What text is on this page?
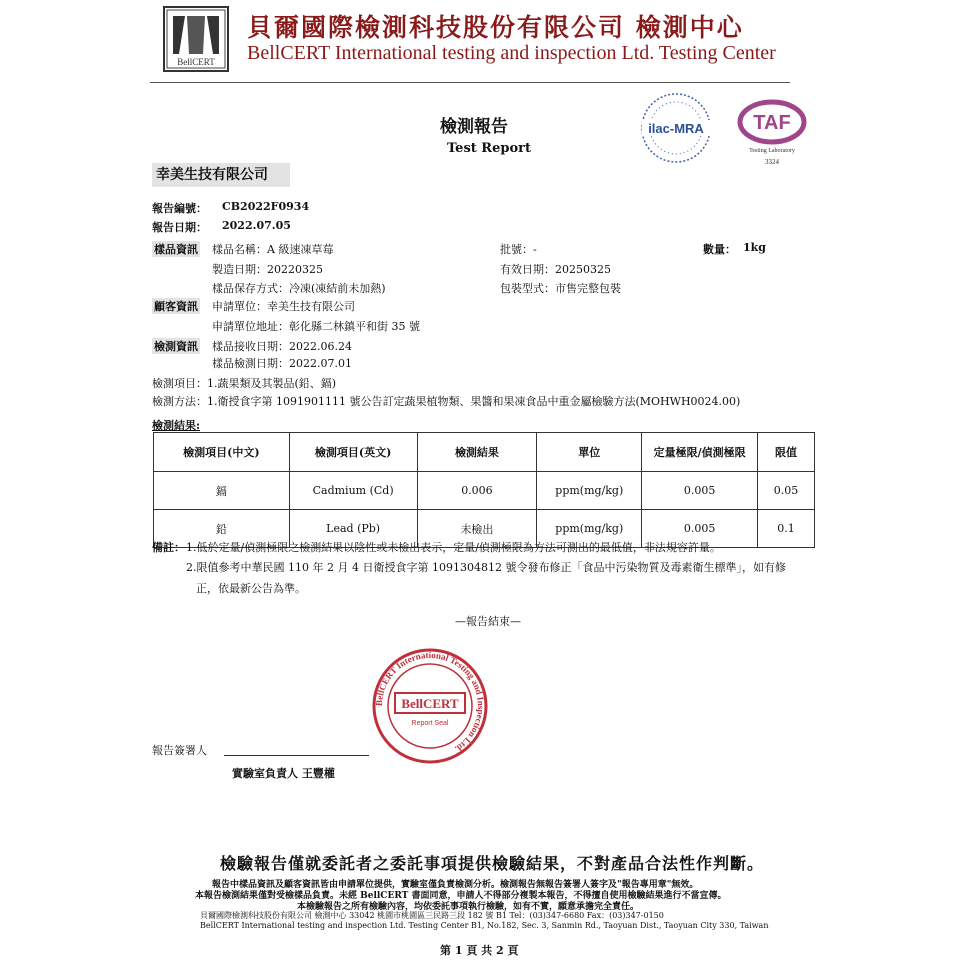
BellCERT
貝爾國際檢測科技股份有限公司 檢測中心
BellCERT International testing and inspection Ltd. Testing Center
檢測報告
Test Report
ilac-MRA TAF
Testing Laboratory
3324
幸美生技有限公司
報告編號： CB2022F0934
報告日期： 2022.07.05
樣品資訊 樣品名稱：A 級速凍草莓	批號：-	數量： 1kg
製造日期：20220325	有效日期：20250325
樣品保存方式：冷凍(凍結前未加熱)	包裝型式：市售完整包裝
顧客資訊 申請單位：幸美生技有限公司
申請單位地址：彰化縣二林鎮平和街 35 號
檢測資訊 樣品接收日期：2022.06.24
樣品檢測日期：2022.07.01
檢測項目：1.蔬果類及其製品(鉛、鎘)
檢測方法：1.衛授食字第 1091901111 號公告訂定蔬果植物類、果醬和果凍食品中重金屬檢驗方法(MOHWH0024.00)
檢測結果:
檢測項目(中文)	檢測項目(英文)	檢測結果	單位	定量極限/偵測極限	限值
鎘	Cadmium (Cd)	0.006	ppm(mg/kg)	0.005	0.05
鉛	Lead (Pb)	未檢出	ppm(mg/kg)	0.005	0.1
備註： 1.低於定量/偵測極限之檢測結果以陰性或未檢出表示，定量/偵測極限為方法可測出的最低值，非法規容許量。
2.限值參考中華民國 110 年 2 月 4 日衛授食字第 1091304812 號令發布修正「食品中污染物質及毒素衛生標準」，如有修
正，依最新公告為準。
—報告結束—
BellCERT International Testing and Inspection Ltd.
BellCERT
Report Seal
報告簽署人
實驗室負責人 王豐權
檢驗報告僅就委託者之委託事項提供檢驗結果，不對產品合法性作判斷。
報告中樣品資訊及顧客資訊皆由申請單位提供，實驗室僅負責檢測分析。檢測報告無報告簽署人簽字及"報告專用章"無效。
本報告檢測結果僅對受檢樣品負責。未經 BellCERT 書面同意，申請人不得部分複製本報告，不得擅自使用檢驗結果進行不當宣傳。
本檢驗報告之所有檢驗內容，均依委託事項執行檢驗，如有不實，願意承擔完全責任。
貝爾國際檢測科技股份有限公司 檢測中心 33042 桃園市桃園區三民路三段 182 號 B1 Tel：(03)347-6680 Fax：(03)347-0150
BellCERT International testing and inspection Ltd. Testing Center B1, No.182, Sec. 3, Sanmin Rd., Taoyuan Dist., Taoyuan City 330, Taiwan
第 1 頁 共 2 頁
